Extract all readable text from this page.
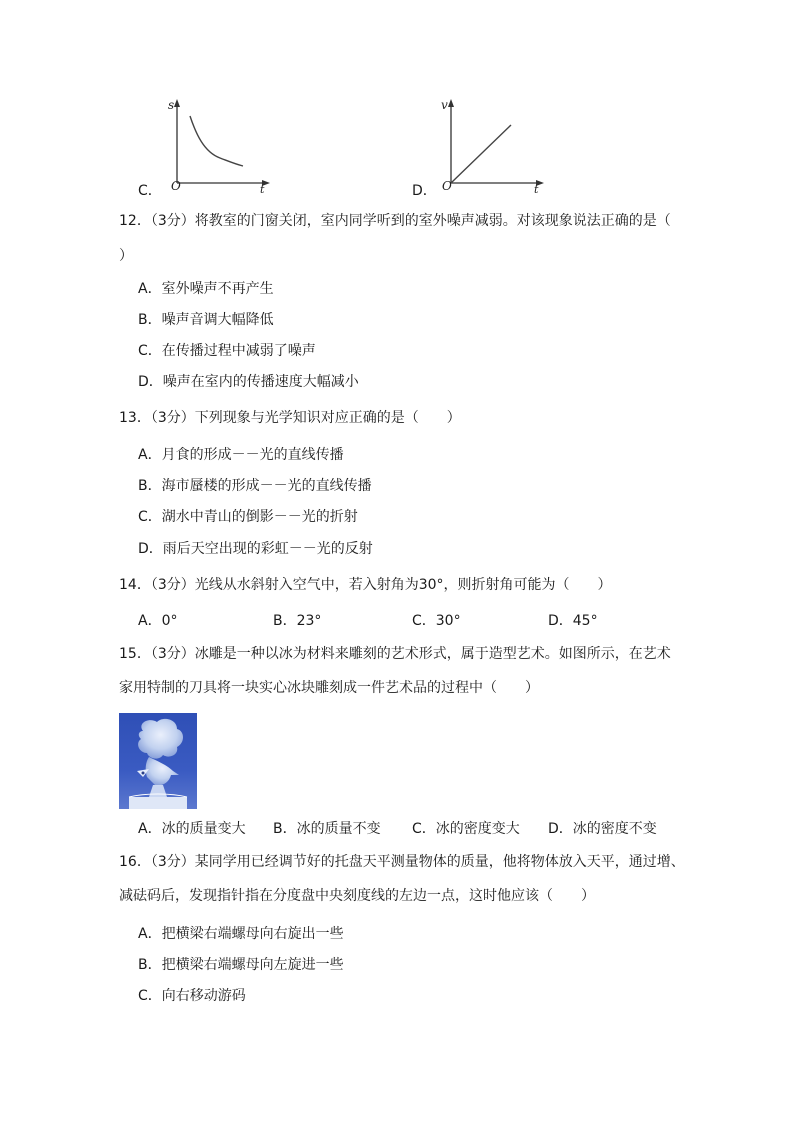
C．
s
O	t	D．
v
O	t
12．（3分）将教室的门窗关闭，室内同学听到的室外噪声减弱。对该现象说法正确的是（
）
A．室外噪声不再产生
B．噪声音调大幅降低
C．在传播过程中减弱了噪声
D．噪声在室内的传播速度大幅减小
13．（3分）下列现象与光学知识对应正确的是（　　）
A．月食的形成－－光的直线传播
B．海市蜃楼的形成－－光的直线传播
C．湖水中青山的倒影－－光的折射
D．雨后天空出现的彩虹－－光的反射
14．（3分）光线从水斜射入空气中，若入射角为30°，则折射角可能为（　　）
A．0°	B．23°	C．30°	D．45°
15．（3分）冰雕是一种以冰为材料来雕刻的艺术形式，属于造型艺术。如图所示，在艺术
家用特制的刀具将一块实心冰块雕刻成一件艺术品的过程中（　　）
A．冰的质量变大 B．冰的质量不变 C．冰的密度变大 D．冰的密度不变
16．（3分）某同学用已经调节好的托盘天平测量物体的质量，他将物体放入天平，通过增、
减砝码后，发现指针指在分度盘中央刻度线的左边一点，这时他应该（　　）
A．把横梁右端螺母向右旋出一些
B．把横梁右端螺母向左旋进一些
C．向右移动游码
